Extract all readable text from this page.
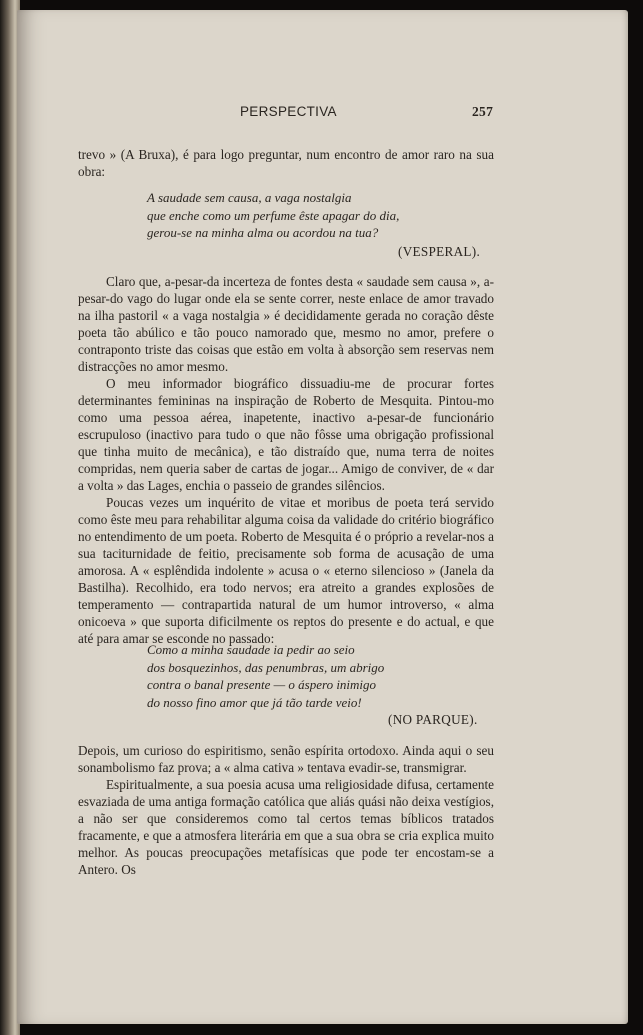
PERSPECTIVA	257

trevo » (A Bruxa), é para logo preguntar, num encontro de amor raro na sua obra:

A saudade sem causa, a vaga nostalgia
que enche como um perfume êste apagar do dia,
gerou-se na minha alma ou acordou na tua?
(VESPERAL).

Claro que, a-pesar-da incerteza de fontes desta « saudade sem causa », a-pesar-do vago do lugar onde ela se sente correr, neste enlace de amor travado na ilha pastoril « a vaga nostalgia » é decididamente gerada no coração dêste poeta tão abúlico e tão pouco namorado que, mesmo no amor, prefere o contraponto triste das coisas que estão em volta à absorção sem reservas nem distracções no amor mesmo.

O meu informador biográfico dissuadiu-me de procurar fortes determinantes femininas na inspiração de Roberto de Mesquita. Pintou-mo como uma pessoa aérea, inapetente, inactivo a-pesar-de funcionário escrupuloso (inactivo para tudo o que não fôsse uma obrigação profissional que tinha muito de mecânica), e tão distraído que, numa terra de noites compridas, nem queria saber de cartas de jogar... Amigo de conviver, de « dar a volta » das Lages, enchia o passeio de grandes silêncios.

Poucas vezes um inquérito de vitae et moribus de poeta terá servido como êste meu para rehabilitar alguma coisa da validade do critério biográfico no entendimento de um poeta. Roberto de Mesquita é o próprio a revelar-nos a sua taciturnidade de feitio, precisamente sob forma de acusação de uma amorosa. A « esplêndida indolente » acusa o « eterno silencioso » (Janela da Bastilha). Recolhido, era todo nervos; era atreito a grandes explosões de temperamento — contrapartida natural de um humor introverso, « alma onicoeva » que suporta dificilmente os reptos do presente e do actual, e que até para amar se esconde no passado:

Como a minha saudade ia pedir ao seio
dos bosquezinhos, das penumbras, um abrigo
contra o banal presente — o áspero inimigo
do nosso fino amor que já tão tarde veio!
(NO PARQUE).

Depois, um curioso do espiritismo, senão espírita ortodoxo. Ainda aqui o seu sonambolismo faz prova; a « alma cativa » tentava evadir-se, transmigrar.

Espiritualmente, a sua poesia acusa uma religiosidade difusa, certamente esvaziada de uma antiga formação católica que aliás quási não deixa vestígios, a não ser que consideremos como tal certos temas bíblicos tratados fracamente, e que a atmosfera literária em que a sua obra se cria explica muito melhor. As poucas preocupações metafísicas que pode ter encostam-se a Antero. Os
